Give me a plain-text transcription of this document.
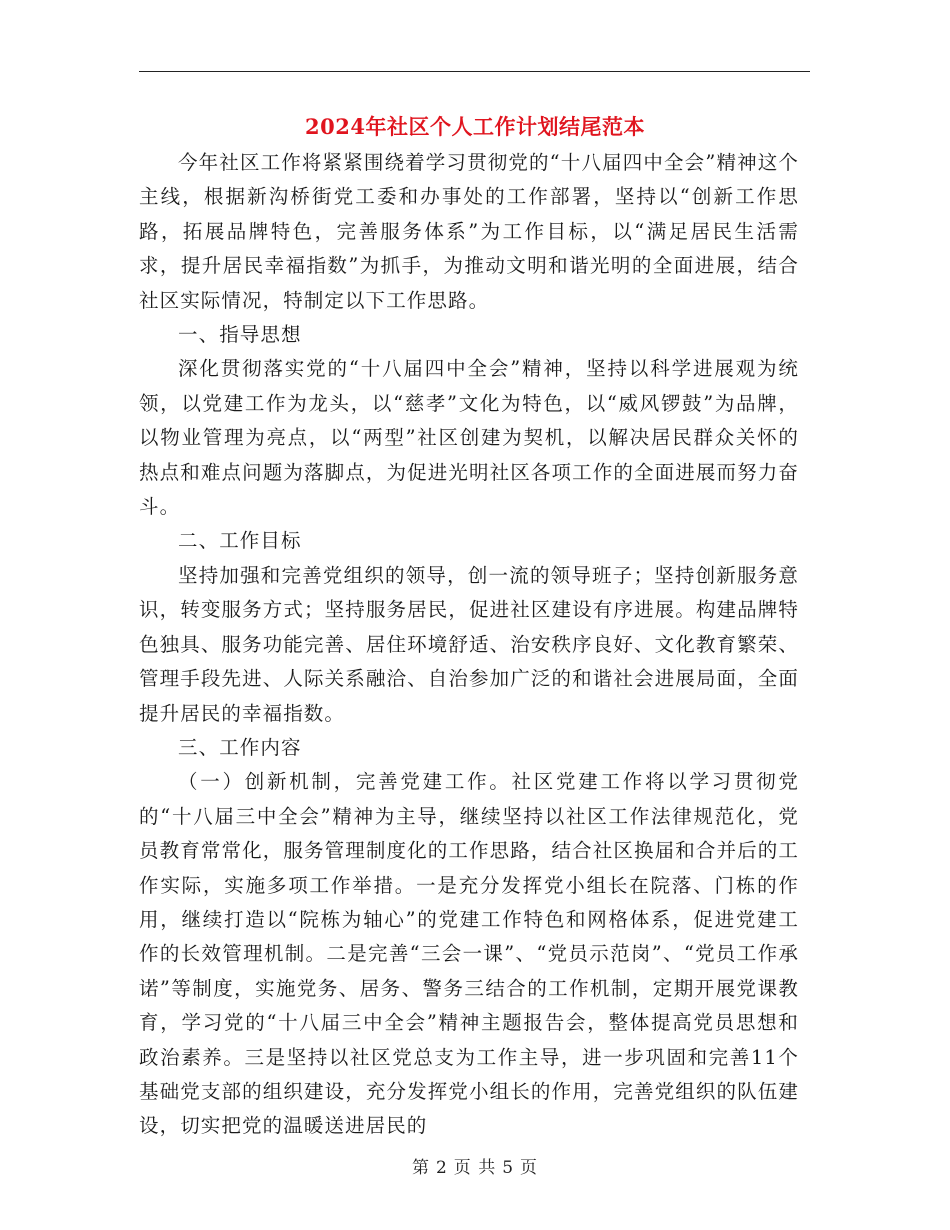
2024年社区个人工作计划结尾范本

今年社区工作将紧紧围绕着学习贯彻党的“十八届四中全会”精神这个主线，根据新沟桥街党工委和办事处的工作部署，坚持以“创新工作思路，拓展品牌特色，完善服务体系”为工作目标，以“满足居民生活需求，提升居民幸福指数”为抓手，为推动文明和谐光明的全面进展，结合社区实际情况，特制定以下工作思路。

一、指导思想

深化贯彻落实党的“十八届四中全会”精神，坚持以科学进展观为统领，以党建工作为龙头，以“慈孝”文化为特色，以“威风锣鼓”为品牌，以物业管理为亮点，以“两型”社区创建为契机，以解决居民群众关怀的热点和难点问题为落脚点，为促进光明社区各项工作的全面进展而努力奋斗。

二、工作目标

坚持加强和完善党组织的领导，创一流的领导班子；坚持创新服务意识，转变服务方式；坚持服务居民，促进社区建设有序进展。构建品牌特色独具、服务功能完善、居住环境舒适、治安秩序良好、文化教育繁荣、管理手段先进、人际关系融洽、自治参加广泛的和谐社会进展局面，全面提升居民的幸福指数。

三、工作内容

（一）创新机制，完善党建工作。社区党建工作将以学习贯彻党的“十八届三中全会”精神为主导，继续坚持以社区工作法律规范化，党员教育常常化，服务管理制度化的工作思路，结合社区换届和合并后的工作实际，实施多项工作举措。一是充分发挥党小组长在院落、门栋的作用，继续打造以“院栋为轴心”的党建工作特色和网格体系，促进党建工作的长效管理机制。二是完善“三会一课”、“党员示范岗”、“党员工作承诺”等制度，实施党务、居务、警务三结合的工作机制，定期开展党课教育，学习党的“十八届三中全会”精神主题报告会，整体提高党员思想和政治素养。三是坚持以社区党总支为工作主导，进一步巩固和完善11个基础党支部的组织建设，充分发挥党小组长的作用，完善党组织的队伍建设，切实把党的温暖送进居民的

第 2 页 共 5 页
